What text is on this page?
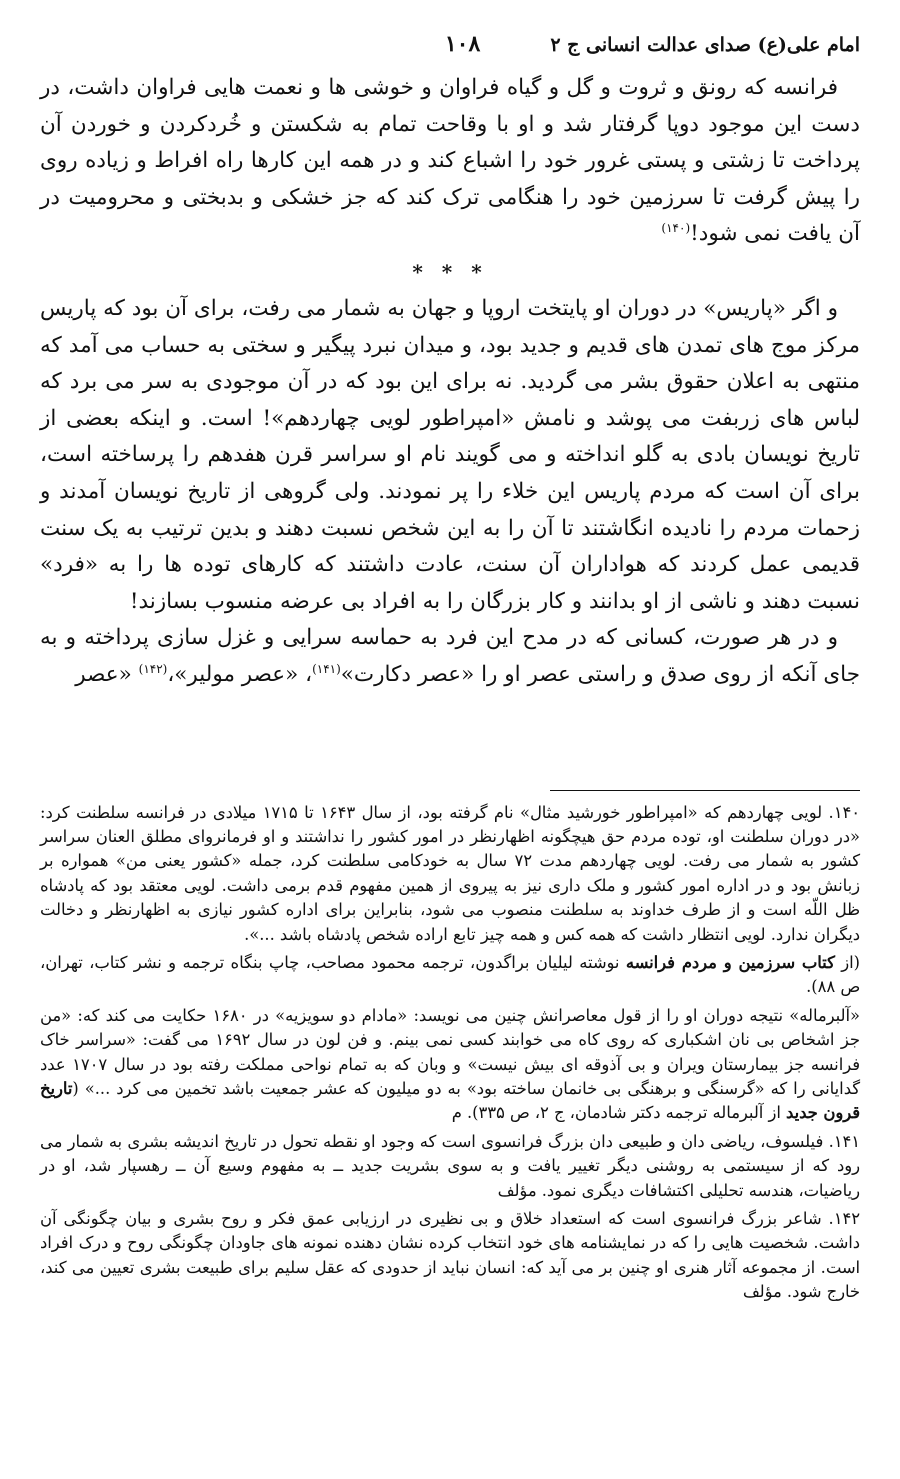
امام علی(ع) صدای عدالت انسانی ج ۲
۱۰۸

فرانسه که رونق و ثروت و گل و گیاه فراوان و خوشی ها و نعمت هایی فراوان داشت، در دست این موجود دوپا گرفتار شد و او با وقاحت تمام به شکستن و خُردکردن و خوردن آن پرداخت تا زشتی و پستی غرور خود را اشباع کند و در همه این کارها راه افراط و زیاده روی را پیش گرفت تا سرزمین خود را هنگامی ترک کند که جز خشکی و بدبختی و محرومیت در آن یافت نمی شود!$^{(۱۴۰)}$

* * *

و اگر «پاریس» در دوران او پایتخت اروپا و جهان به شمار می رفت، برای آن بود که پاریس مرکز موج های تمدن های قدیم و جدید بود، و میدان نبرد پیگیر و سختی به حساب می آمد که منتهی به اعلان حقوق بشر می گردید. نه برای این بود که در آن موجودی به سر می برد که لباس های زربفت می پوشد و نامش «امپراطور لویی چهاردهم»! است. و اینکه بعضی از تاریخ نویسان بادی به گلو انداخته و می گویند نام او سراسر قرن هفدهم را پرساخته است، برای آن است که مردم پاریس این خلاء را پر نمودند. ولی گروهی از تاریخ نویسان آمدند و زحمات مردم را نادیده انگاشتند تا آن را به این شخص نسبت دهند و بدین ترتیب به یک سنت قدیمی عمل کردند که هواداران آن سنت، عادت داشتند که کارهای توده ها را به «فرد» نسبت دهند و ناشی از او بدانند و کار بزرگان را به افراد بی عرضه منسوب بسازند!

و در هر صورت، کسانی که در مدح این فرد به حماسه سرایی و غزل سازی پرداخته و به جای آنکه از روی صدق و راستی عصر او را «عصر دکارت»$^{(۱۴۱)}$، «عصر مولیر»،$^{(۱۴۲)}$ «عصر

۱۴۰. لویی چهاردهم که «امپراطور خورشید مثال» نام گرفته بود، از سال ۱۶۴۳ تا ۱۷۱۵ میلادی در فرانسه سلطنت کرد: «در دوران سلطنت او، توده مردم حق هیچگونه اظهارنظر در امور کشور را نداشتند و او فرمانروای مطلق العنان سراسر کشور به شمار می رفت. لویی چهاردهم مدت ۷۲ سال به خودکامی سلطنت کرد، جمله «کشور یعنی من» همواره بر زبانش بود و در اداره امور کشور و ملک داری نیز به پیروی از همین مفهوم قدم برمی داشت. لویی معتقد بود که پادشاه ظل اللّه است و از طرف خداوند به سلطنت منصوب می شود، بنابراین برای اداره کشور نیازی به اظهارنظر و دخالت دیگران ندارد. لویی انتظار داشت که همه کس و همه چیز تابع اراده شخص پادشاه باشد ...».

(از کتاب سرزمین و مردم فرانسه نوشته لیلیان براگدون، ترجمه محمود مصاحب، چاپ بنگاه ترجمه و نشر کتاب، تهران، ص ۸۸).

«آلبرماله» نتیجه دوران او را از قول معاصرانش چنین می نویسد: «مادام دو سویزیه» در ۱۶۸۰ حکایت می کند که: «من جز اشخاص بی نان اشکباری که روی کاه می خوابند کسی نمی بینم. و فن لون در سال ۱۶۹۲ می گفت: «سراسر خاک فرانسه جز بیمارستان ویران و بی آذوقه ای بیش نیست» و وبان که به تمام نواحی مملکت رفته بود در سال ۱۷۰۷ عدد گدایانی را که «گرسنگی و برهنگی بی خانمان ساخته بود» به دو میلیون که عشر جمعیت باشد تخمین می کرد ...» (تاریخ قرون جدید از آلبرماله ترجمه دکتر شادمان، ج ۲، ص ۳۳۵). م

۱۴۱. فیلسوف، ریاضی دان و طبیعی دان بزرگ فرانسوی است که وجود او نقطه تحول در تاریخ اندیشه بشری به شمار می رود که از سیستمی به روشنی دیگر تغییر یافت و به سوی بشریت جدید ــ به مفهوم وسیع آن ــ رهسپار شد، او در ریاضیات، هندسه تحلیلی اکتشافات دیگری نمود. مؤلف

۱۴۲. شاعر بزرگ فرانسوی است که استعداد خلاق و بی نظیری در ارزیابی عمق فکر و روح بشری و بیان چگونگی آن داشت. شخصیت هایی را که در نمایشنامه های خود انتخاب کرده نشان دهنده نمونه های جاودان چگونگی روح و درک افراد است. از مجموعه آثار هنری او چنین بر می آید که: انسان نباید از حدودی که عقل سلیم برای طبیعت بشری تعیین می کند، خارج شود. مؤلف
